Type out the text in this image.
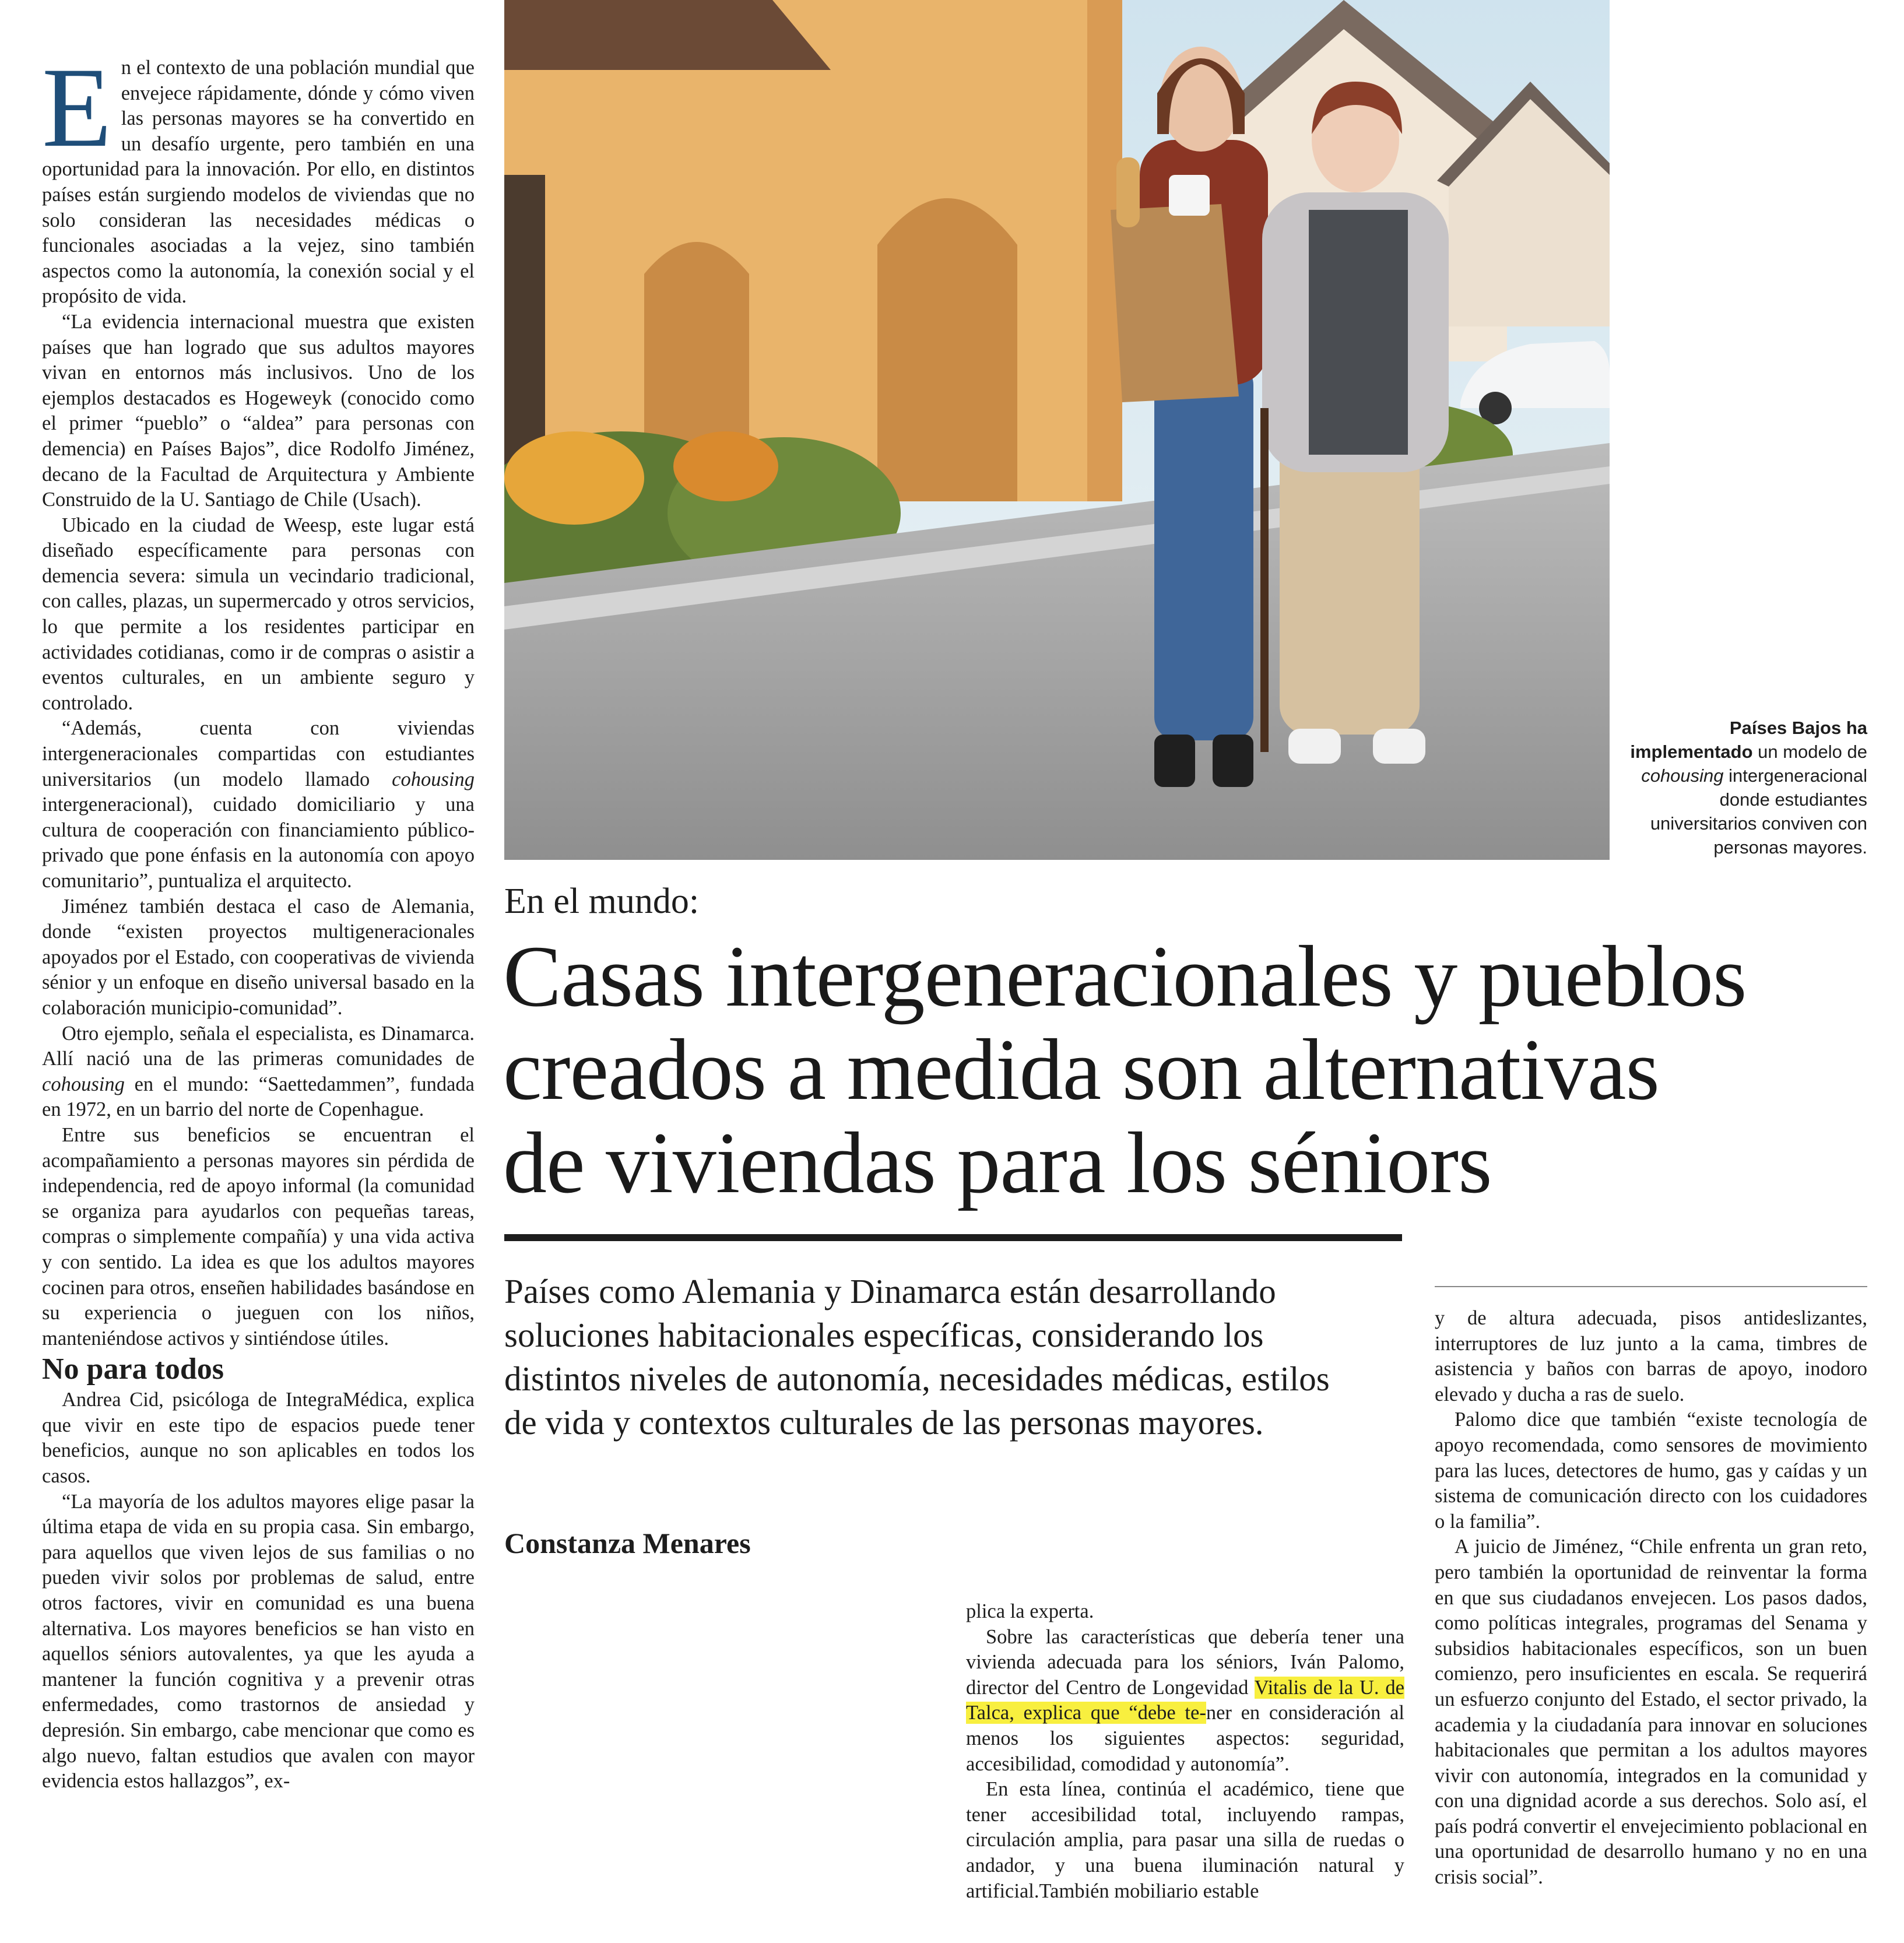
En el contexto de una población mundial que envejece rápidamente, dónde y cómo viven las personas mayores se ha convertido en un desafío urgente, pero también en una oportunidad para la innovación. Por ello, en distintos países están surgiendo modelos de viviendas que no solo consideran las necesidades médicas o funcionales asociadas a la vejez, sino también aspectos como la autonomía, la conexión social y el propósito de vida.

“La evidencia internacional muestra que existen países que han logrado que sus adultos mayores vivan en entornos más inclusivos. Uno de los ejemplos destacados es Hogeweyk (conocido como el primer “pueblo” o “aldea” para personas con demencia) en Países Bajos”, dice Rodolfo Jiménez, decano de la Facultad de Arquitectura y Ambiente Construido de la U. Santiago de Chile (Usach).

Ubicado en la ciudad de Weesp, este lugar está diseñado específicamente para personas con demencia severa: simula un vecindario tradicional, con calles, plazas, un supermercado y otros servicios, lo que permite a los residentes participar en actividades cotidianas, como ir de compras o asistir a eventos culturales, en un ambiente seguro y controlado.

“Además, cuenta con viviendas intergeneracionales compartidas con estudiantes universitarios (un modelo llamado cohousing intergeneracional), cuidado domiciliario y una cultura de cooperación con financiamiento público-privado que pone énfasis en la autonomía con apoyo comunitario”, puntualiza el arquitecto.

Jiménez también destaca el caso de Alemania, donde “existen proyectos multigeneracionales apoyados por el Estado, con cooperativas de vivienda sénior y un enfoque en diseño universal basado en la colaboración municipio-comunidad”.

Otro ejemplo, señala el especialista, es Dinamarca. Allí nació una de las primeras comunidades de cohousing en el mundo: “Saettedammen”, fundada en 1972, en un barrio del norte de Copenhague.

Entre sus beneficios se encuentran el acompañamiento a personas mayores sin pérdida de independencia, red de apoyo informal (la comunidad se organiza para ayudarlos con pequeñas tareas, compras o simplemente compañía) y una vida activa y con sentido. La idea es que los adultos mayores cocinen para otros, enseñen habilidades basándose en su experiencia o jueguen con los niños, manteniéndose activos y sintiéndose útiles.

No para todos

Andrea Cid, psicóloga de IntegraMédica, explica que vivir en este tipo de espacios puede tener beneficios, aunque no son aplicables en todos los casos.

“La mayoría de los adultos mayores elige pasar la última etapa de vida en su propia casa. Sin embargo, para aquellos que viven lejos de sus familias o no pueden vivir solos por problemas de salud, entre otros factores, vivir en comunidad es una buena alternativa. Los mayores beneficios se han visto en aquellos séniors autovalentes, ya que les ayuda a mantener la función cognitiva y a prevenir otras enfermedades, como trastornos de ansiedad y depresión. Sin embargo, cabe mencionar que como es algo nuevo, faltan estudios que avalen con mayor evidencia estos hallazgos”, ex-

Países Bajos ha implementado un modelo de cohousing intergeneracional donde estudiantes universitarios conviven con personas mayores.
En el mundo:
Casas intergeneracionales y pueblos
creados a medida son alternativas
de viviendas para los séniors
Países como Alemania y Dinamarca están desarrollando soluciones habitacionales específicas, considerando los distintos niveles de autonomía, necesidades médicas, estilos de vida y contextos culturales de las personas mayores.
Constanza Menares

plica la experta.

Sobre las características que debería tener una vivienda adecuada para los séniors, Iván Palomo, director del Centro de Longevidad Vitalis de la U. de Talca, explica que “debe te-ner en consideración al menos los siguientes aspectos: seguridad, accesibilidad, comodidad y autonomía”.

En esta línea, continúa el académico, tiene que tener accesibilidad total, incluyendo rampas, circulación amplia, para pasar una silla de ruedas o andador, y una buena iluminación natural y artificial.También mobiliario estable

y de altura adecuada, pisos antideslizantes, interruptores de luz junto a la cama, timbres de asistencia y baños con barras de apoyo, inodoro elevado y ducha a ras de suelo.

Palomo dice que también “existe tecnología de apoyo recomendada, como sensores de movimiento para las luces, detectores de humo, gas y caídas y un sistema de comunicación directo con los cuidadores o la familia”.

A juicio de Jiménez, “Chile enfrenta un gran reto, pero también la oportunidad de reinventar la forma en que sus ciudadanos envejecen. Los pasos dados, como políticas integrales, programas del Senama y subsidios habitacionales específicos, son un buen comienzo, pero insuficientes en escala. Se requerirá un esfuerzo conjunto del Estado, el sector privado, la academia y la ciudadanía para innovar en soluciones habitacionales que permitan a los adultos mayores vivir con autonomía, integrados en la comunidad y con una dignidad acorde a sus derechos. Solo así, el país podrá convertir el envejecimiento poblacional en una oportunidad de desarrollo humano y no en una crisis social”.
